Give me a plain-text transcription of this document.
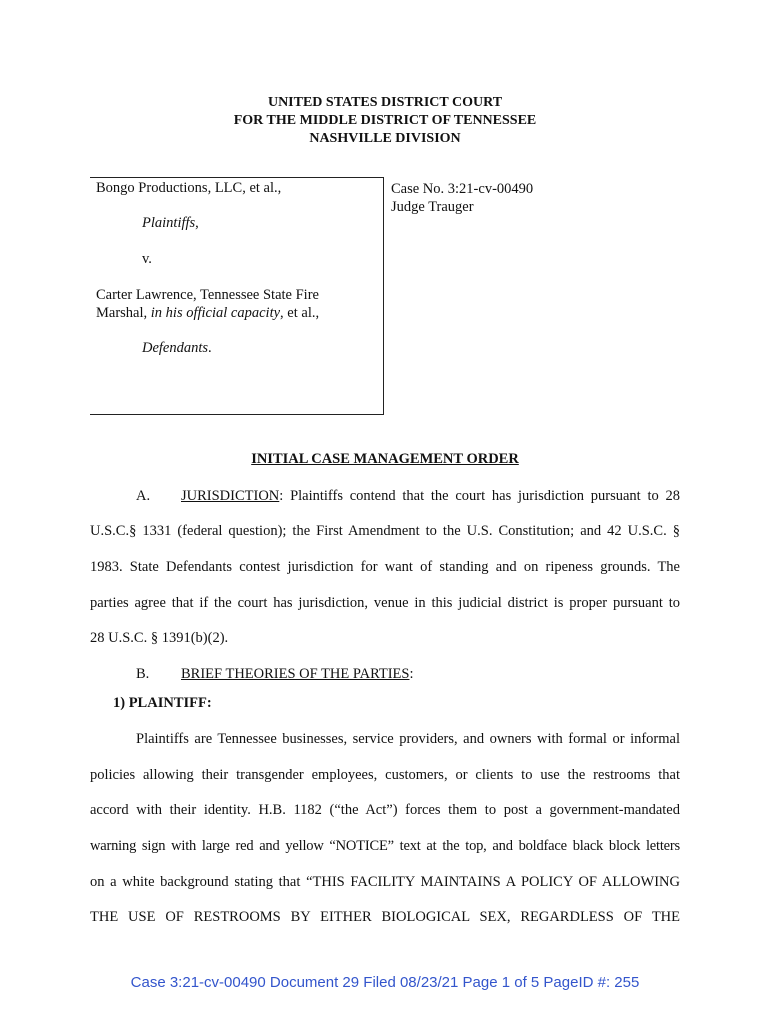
UNITED STATES DISTRICT COURT
FOR THE MIDDLE DISTRICT OF TENNESSEE
NASHVILLE DIVISION
Bongo Productions, LLC, et al.,
Plaintiffs,
v.
Carter Lawrence, Tennessee State Fire
Marshal, in his official capacity, et al.,
Defendants.
Case No. 3:21-cv-00490
Judge Trauger
INITIAL CASE MANAGEMENT ORDER
A. JURISDICTION: Plaintiffs contend that the court has jurisdiction pursuant to 28
U.S.C.§ 1331 (federal question); the First Amendment to the U.S. Constitution; and 42 U.S.C. §
1983. State Defendants contest jurisdiction for want of standing and on ripeness grounds. The
parties agree that if the court has jurisdiction, venue in this judicial district is proper pursuant to
28 U.S.C. § 1391(b)(2).
B. BRIEF THEORIES OF THE PARTIES:
1) PLAINTIFF:
Plaintiffs are Tennessee businesses, service providers, and owners with formal or informal
policies allowing their transgender employees, customers, or clients to use the restrooms that
accord with their identity. H.B. 1182 (“the Act”) forces them to post a government-mandated
warning sign with large red and yellow “NOTICE” text at the top, and boldface black block letters
on a white background stating that “THIS FACILITY MAINTAINS A POLICY OF ALLOWING
THE USE OF RESTROOMS BY EITHER BIOLOGICAL SEX, REGARDLESS OF THE
Case 3:21-cv-00490 Document 29 Filed 08/23/21 Page 1 of 5 PageID #: 255
